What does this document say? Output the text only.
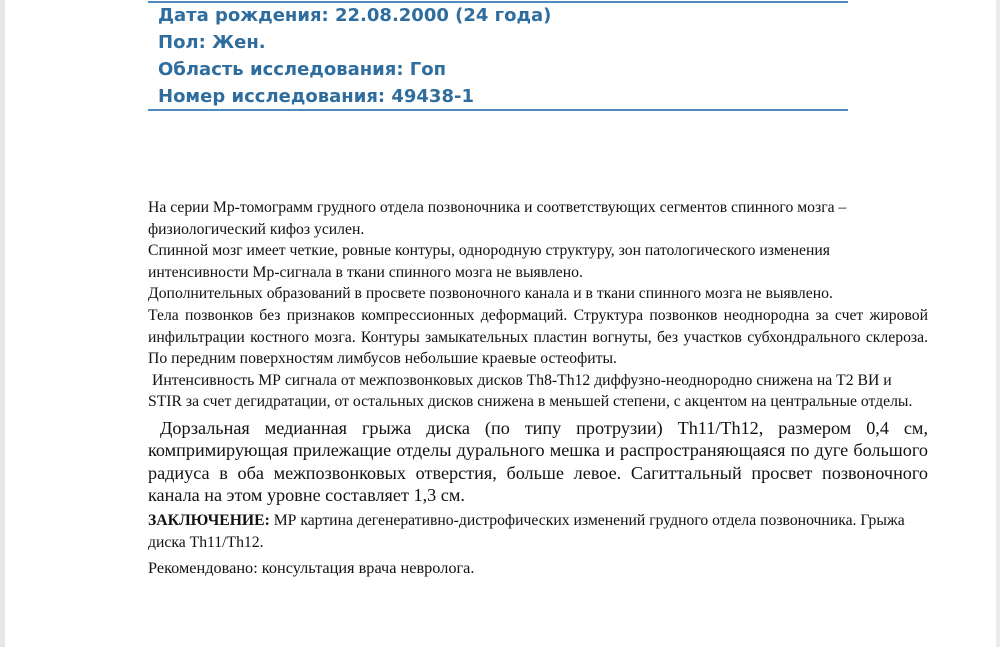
Дата рождения: 22.08.2000 (24 года)
Пол: Жен.
Область исследования: Гоп
Номер исследования: 49438-1

На серии Мр-томограмм грудного отдела позвоночника и соответствующих сегментов спинного мозга – физиологический кифоз усилен.

Спинной мозг имеет четкие, ровные контуры, однородную структуру, зон патологического изменения интенсивности Мр-сигнала в ткани спинного мозга не выявлено.

Дополнительных образований в просвете позвоночного канала и в ткани спинного мозга не выявлено.

Тела позвонков без признаков компрессионных деформаций. Структура позвонков неоднородна за счет жировой инфильтрации костного мозга. Контуры замыкательных пластин вогнуты, без участков субхондрального склероза. По передним поверхностям лимбусов небольшие краевые остеофиты.

Интенсивность МР сигнала от межпозвонковых дисков Th8-Th12 диффузно-неоднородно снижена на Т2 ВИ и STIR за счет дегидратации, от остальных дисков снижена в меньшей степени, с акцентом на центральные отделы.

Дорзальная медианная грыжа диска (по типу протрузии) Th11/Th12, размером 0,4 см, компримирующая прилежащие отделы дурального мешка и распространяющаяся по дуге большого радиуса в оба межпозвонковых отверстия, больше левое. Сагиттальный просвет позвоночного канала на этом уровне составляет 1,3 см.

ЗАКЛЮЧЕНИЕ: МР картина дегенеративно-дистрофических изменений грудного отдела позвоночника. Грыжа диска Th11/Th12.

Рекомендовано: консультация врача невролога.
